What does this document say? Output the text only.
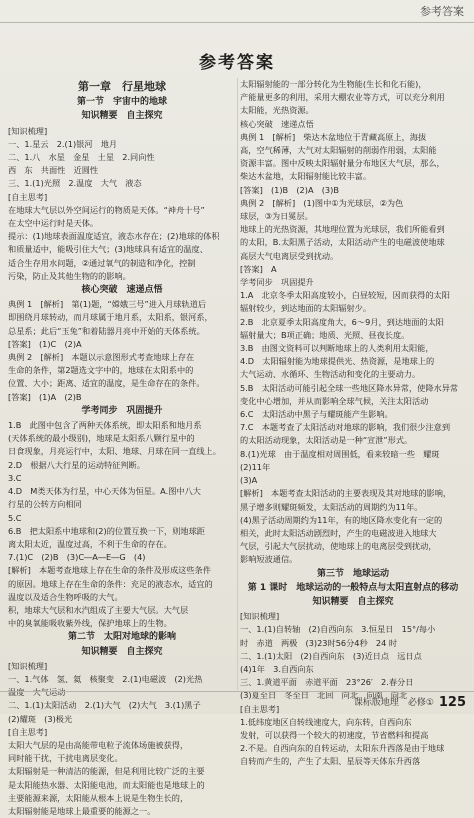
参考答案
参考答案
第一章　行星地球
第一节　宇宙中的地球
知识精要　自主探究
[知识梳理]
一、1.星云　2.(1)银河　地月
二、1.八　水星　金星　土星　2.同向性
西　东　共面性　近圆性
三、1.(1)光照　2.温度　大气　液态
[自主思考]
在地球大气层以外空间运行的物质是天体。“神舟十号”
在太空中运行时是天体。
提示：(1)地球表面温度适宜，液态水存在；(2)地球的体积
和质量适中，能吸引住大气；(3)地球具有适宜的温度、
适合生存用水问题，②通过氧气的制造和净化，控制
污染，防止及其他生物的的影响。
核心突破　速递点悟
典例 1　[解析]　第(1)题，“嫦娥三号”进入月球轨道后
即围绕月球转动，而月球属于地月系，太阳系，银河系，
总星系；此后“玉兔”和着陆器月亮中开始的天体系统。
[答案]　(1)C　(2)A
典例 2　[解析]　本题以示意图形式考查地球上存在
生命的条件，第2题选文字中的，地球在太阳系中的
位置、大小；距离、适宜的温度，是生命存在的条件。
[答案]　(1)A　(2)B
学考同步　巩固提升
1.B　此图中包含了两种天体系统，即太阳系和地月系
(天体系统的最小级别)，地球是太阳系八颗行星中的
日食现象，月亮运行中，太阳、地球、月球在同一直线上。
2.D　根据八大行星的运动特征判断。
3.C　
4.D　M类天体为行星，中心天体为恒星。A.图中八大
行星的公转方向相同
5.C　
6.B　把太阳系中地球和(2)的位置互换一下，则地球距
离太阳太近，温度过高，不利于生命的存在。
7.(1)C　(2)B　(3)C―A―E―G　(4)
[解析]　本题考查地球上存在生命的条件及形成这些条件
的原因。地球上存在生命的条件：充足的液态水，适宜的
温度以及适合生物呼吸的大气。
积，地球大气层和水汽组成了主要大气层。大气层
中的臭氧能吸收紫外线，保护地球上的生物。
第二节　太阳对地球的影响
知识精要　自主探究
[知识梳理]
一、1.气体　氢、氦　核聚变　2.(1)电磁波　(2)光热
温度　大气运动
二、1.(1)太阳活动　2.(1)大气　(2)大气　3.(1)黑子
(2)耀斑　(3)极光
[自主思考]
太阳大气层的是由高能带电粒子流体场施被获得，
同时能干扰，干扰电离层变化。
太阳辐射是一种清洁的能源，但是利用比较广泛的主要
是太阳能热水器、太阳能电池，而太阳能也是地球上的
主要能源来源，太阳能从根本上说是生物生长的，
太阳辐射能是地球上最重要的能源之一。
太阳辐射能的一部分转化为生物能(生长和化石能)，
产能量更多的利用，采用大棚农业等方式，可以充分利用
太阳能，光热资源。
核心突破　速递点悟
典例 1　[解析]　柴达木盆地位于青藏高原上，海拔
高，空气稀薄，大气对太阳辐射的削弱作用弱，太阳能
资源丰富。图中反映太阳辐射量分布地区大气层，那么，
柴达木盆地，太阳辐射能比较丰富。
[答案]　(1)B　(2)A　(3)B
典例 2　[解析]　(1)图中①为光球层，②为色
球层，③为日冕层。
地球上的光热资源，其地理位置为光球层，我们所能看到
的太阳，B.太阳黑子活动，太阳活动产生的电磁波使地球
高层大气电离层受到扰动。
[答案]　A
学考同步　巩固提升
1.A　北京冬季太阳高度较小，白昼较短，因而获得的太阳
辐射较少，到达地面的太阳辐射少。
2.B　北京夏季太阳高度角大，6～9月，到达地面的太阳
辐射量大；B项正确；地质、光照、昼夜长度。
3.B　由图文资料可以判断地球上的人类利用太阳能，
4.D　太阳辐射能为地球提供光、热资源，是地球上的
大气运动、水循环、生物活动和变化的主要动力。
5.B　太阳活动可能引起全球一些地区降水异常，使降水异常
变化中心增加，并从而影响全球气候，关注太阳活动
6.C　太阳活动中黑子与耀斑能产生影响。
7.C　本题考查了太阳活动对地球的影响，我们很少注意到
的太阳活动现象，太阳活动是一种“宣泄”形式。
8.(1)光球　由于温度相对周围低，看来较暗一些　耀斑
(2)11年
(3)A
[解析]　本题考查太阳活动的主要表现及其对地球的影响，
黑子增多则耀斑频发，太阳活动的周期约为11年。
(4)黑子活动周期约为11年，有的地区降水变化有一定的
相关，此时太阳活动剧烈时，产生的电磁波进入地球大
气层，引起大气层扰动，使地球上的电离层受到扰动，
影响短波通信。
第三节　地球运动
第 1 课时　地球运动的一般特点与太阳直射点的移动
知识精要　自主探究
[知识梳理]
一、1.(1)自转轴　(2)自西向东　3.恒星日　15°/每小
时　赤道　两极　(3)23时56分4秒　24 时
二、1.(1)太阳　(2)自西向东　(3)近日点　远日点
(4)1年　3.自西向东
三、1.黄道平面　赤道平面　23°26′　2.春分日
(3)夏至日　冬至日　北回　向北　向南　向北
[自主思考]
1.低纬度地区自转线速度大，向东转，自西向东
发射，可以获得一个较大的初速度，节省燃料和提高
2.不是。自西向东的自转运动，太阳东升西落是由于地球
自转而产生的，产生了太阳、星辰等天体东升西落
课标版地理　必修① 125
